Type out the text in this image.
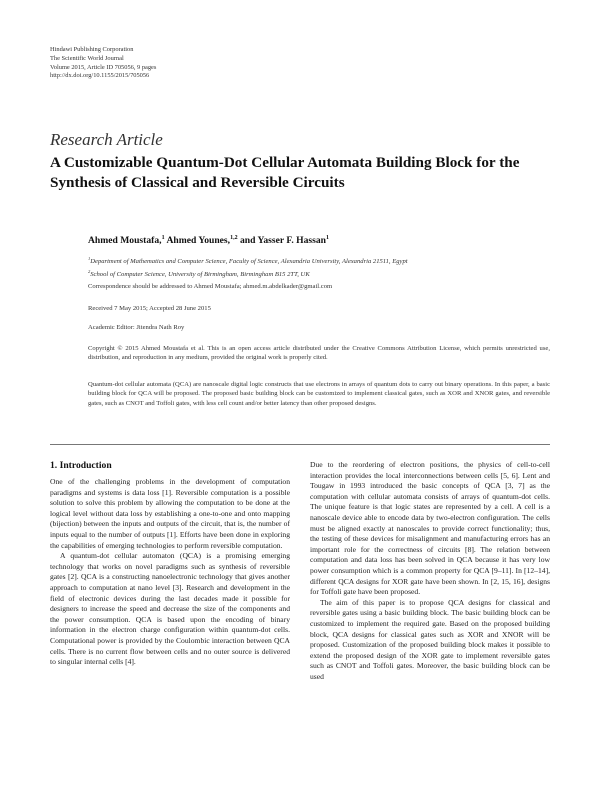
Hindawi Publishing Corporation
The Scientific World Journal
Volume 2015, Article ID 705056, 9 pages
http://dx.doi.org/10.1155/2015/705056
Research Article
A Customizable Quantum-Dot Cellular Automata Building Block for the Synthesis of Classical and Reversible Circuits
Ahmed Moustafa,$^1$ Ahmed Younes,$^{1,2}$ and Yasser F. Hassan$^1$
$^1$Department of Mathematics and Computer Science, Faculty of Science, Alexandria University, Alexandria 21511, Egypt
$^2$School of Computer Science, University of Birmingham, Birmingham B15 2TT, UK
Correspondence should be addressed to Ahmed Moustafa; ahmed.m.abdelkader@gmail.com
Received 7 May 2015; Accepted 28 June 2015
Academic Editor: Jitendra Nath Roy
Copyright © 2015 Ahmed Moustafa et al. This is an open access article distributed under the Creative Commons Attribution License, which permits unrestricted use, distribution, and reproduction in any medium, provided the original work is properly cited.
Quantum-dot cellular automata (QCA) are nanoscale digital logic constructs that use electrons in arrays of quantum dots to carry out binary operations. In this paper, a basic building block for QCA will be proposed. The proposed basic building block can be customized to implement classical gates, such as XOR and XNOR gates, and reversible gates, such as CNOT and Toffoli gates, with less cell count and/or better latency than other proposed designs.
1. Introduction

One of the challenging problems in the development of computation paradigms and systems is data loss [1]. Reversible computation is a possible solution to solve this problem by allowing the computation to be done at the logical level without data loss by establishing a one-to-one and onto mapping (bijection) between the inputs and outputs of the circuit, that is, the number of inputs equal to the number of outputs [1]. Efforts have been done in exploring the capabilities of emerging technologies to perform reversible computation.

A quantum-dot cellular automaton (QCA) is a promising emerging technology that works on novel paradigms such as synthesis of reversible gates [2]. QCA is a constructing nanoelectronic technology that gives another approach to computation at nano level [3]. Research and development in the field of electronic devices during the last decades made it possible for designers to increase the speed and decrease the size of the components and the power consumption. QCA is based upon the encoding of binary information in the electron charge configuration within quantum-dot cells. Computational power is provided by the Coulombic interaction between QCA cells. There is no current flow between cells and no outer source is delivered to singular internal cells [4].

Due to the reordering of electron positions, the physics of cell-to-cell interaction provides the local interconnections between cells [5, 6]. Lent and Tougaw in 1993 introduced the basic concepts of QCA [3, 7] as the computation with cellular automata consists of arrays of quantum-dot cells. The unique feature is that logic states are represented by a cell. A cell is a nanoscale device able to encode data by two-electron configuration. The cells must be aligned exactly at nanoscales to provide correct functionality; thus, the testing of these devices for misalignment and manufacturing errors has an important role for the correctness of circuits [8]. The relation between computation and data loss has been solved in QCA because it has very low power consumption which is a common property for QCA [9–11]. In [12–14], different QCA designs for XOR gate have been shown. In [2, 15, 16], designs for Toffoli gate have been proposed.

The aim of this paper is to propose QCA designs for classical and reversible gates using a basic building block. The basic building block can be customized to implement the required gate. Based on the proposed building block, QCA designs for classical gates such as XOR and XNOR will be proposed. Customization of the proposed building block makes it possible to extend the proposed design of the XOR gate to implement reversible gates such as CNOT and Toffoli gates. Moreover, the basic building block can be used
